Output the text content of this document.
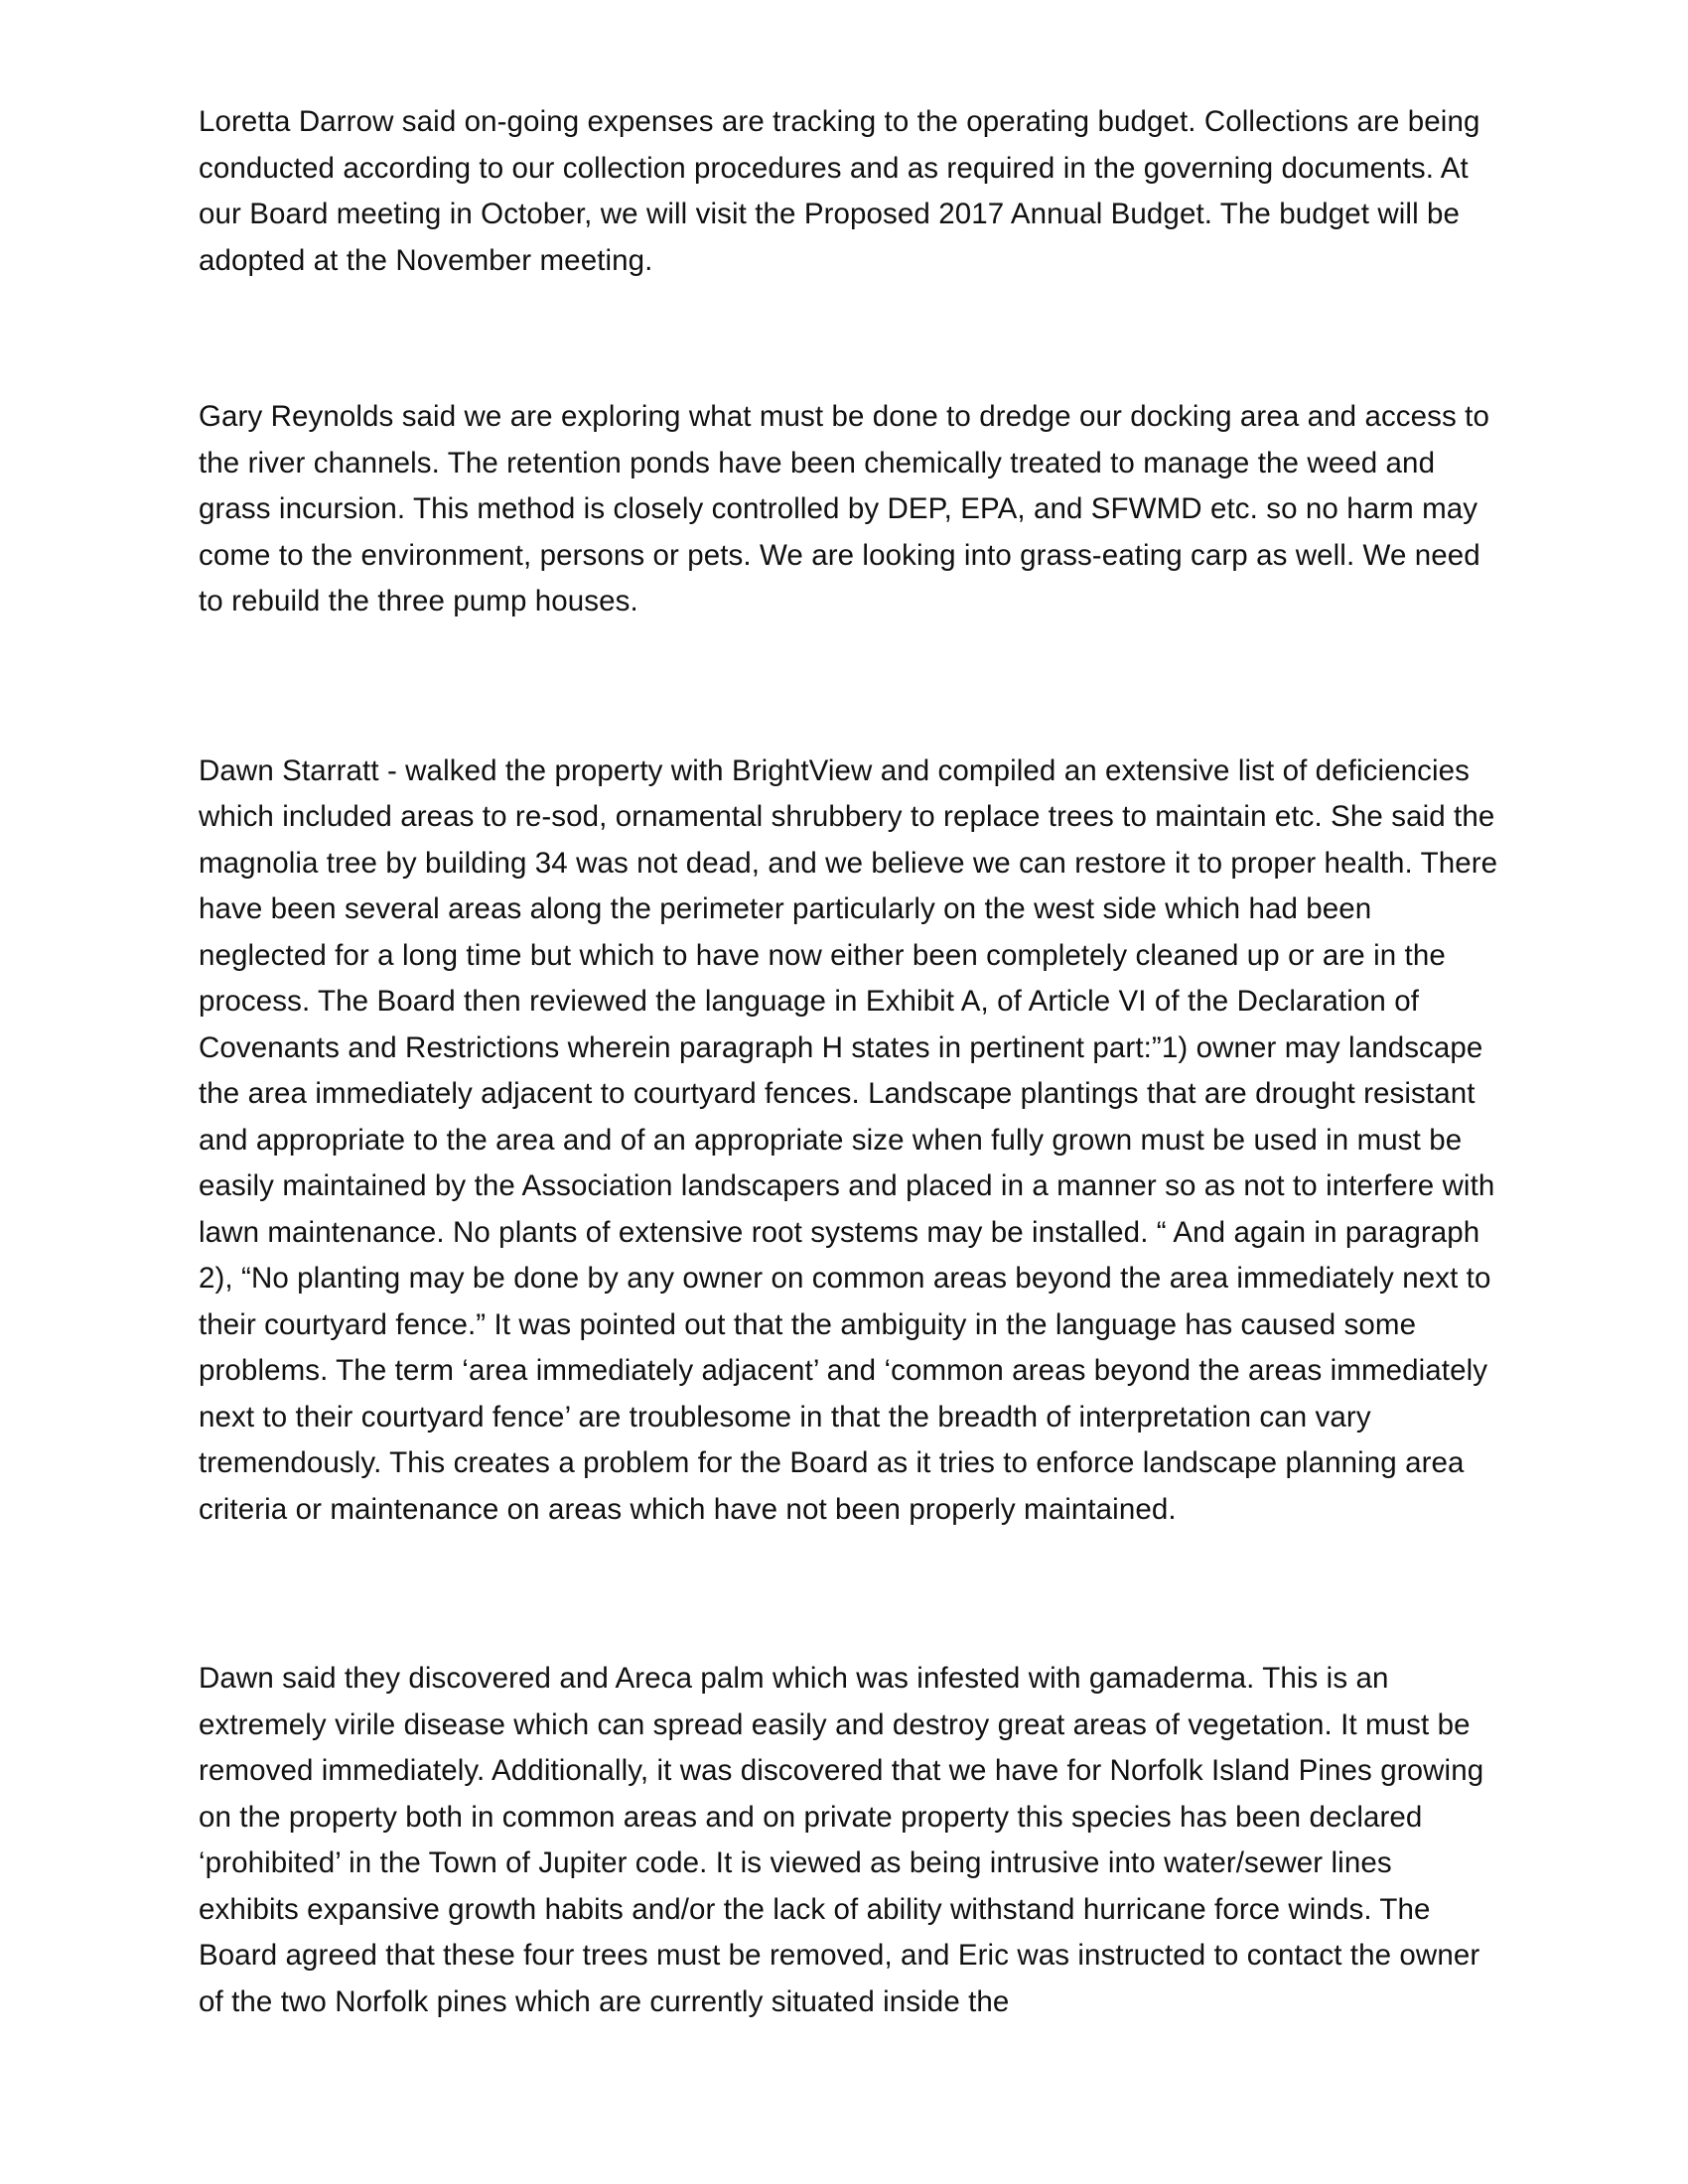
Loretta Darrow said on-going expenses are tracking to the operating budget. Collections are being conducted according to our collection procedures and as required in the governing documents. At our Board meeting in October, we will visit the Proposed 2017 Annual Budget. The budget will be adopted at the November meeting.

Gary Reynolds said we are exploring what must be done to dredge our docking area and access to the river channels. The retention ponds have been chemically treated to manage the weed and grass incursion. This method is closely controlled by DEP, EPA, and SFWMD etc. so no harm may come to the environment, persons or pets. We are looking into grass-eating carp as well. We need to rebuild the three pump houses.

Dawn Starratt - walked the property with BrightView and compiled an extensive list of deficiencies which included areas to re-sod, ornamental shrubbery to replace trees to maintain etc. She said the magnolia tree by building 34 was not dead, and we believe we can restore it to proper health. There have been several areas along the perimeter particularly on the west side which had been neglected for a long time but which to have now either been completely cleaned up or are in the process. The Board then reviewed the language in Exhibit A, of Article VI of the Declaration of Covenants and Restrictions wherein paragraph H states in pertinent part:”1) owner may landscape the area immediately adjacent to courtyard fences. Landscape plantings that are drought resistant and appropriate to the area and of an appropriate size when fully grown must be used in must be easily maintained by the Association landscapers and placed in a manner so as not to interfere with lawn maintenance. No plants of extensive root systems may be installed. “ And again in paragraph 2), “No planting may be done by any owner on common areas beyond the area immediately next to their courtyard fence.” It was pointed out that the ambiguity in the language has caused some problems. The term ‘area immediately adjacent’ and ‘common areas beyond the areas immediately next to their courtyard fence’ are troublesome in that the breadth of interpretation can vary tremendously. This creates a problem for the Board as it tries to enforce landscape planning area criteria or maintenance on areas which have not been properly maintained.

Dawn said they discovered and Areca palm which was infested with gamaderma. This is an extremely virile disease which can spread easily and destroy great areas of vegetation. It must be removed immediately. Additionally, it was discovered that we have for Norfolk Island Pines growing on the property both in common areas and on private property this species has been declared ‘prohibited’ in the Town of Jupiter code. It is viewed as being intrusive into water/sewer lines exhibits expansive growth habits and/or the lack of ability withstand hurricane force winds. The Board agreed that these four trees must be removed, and Eric was instructed to contact the owner of the two Norfolk pines which are currently situated inside the
